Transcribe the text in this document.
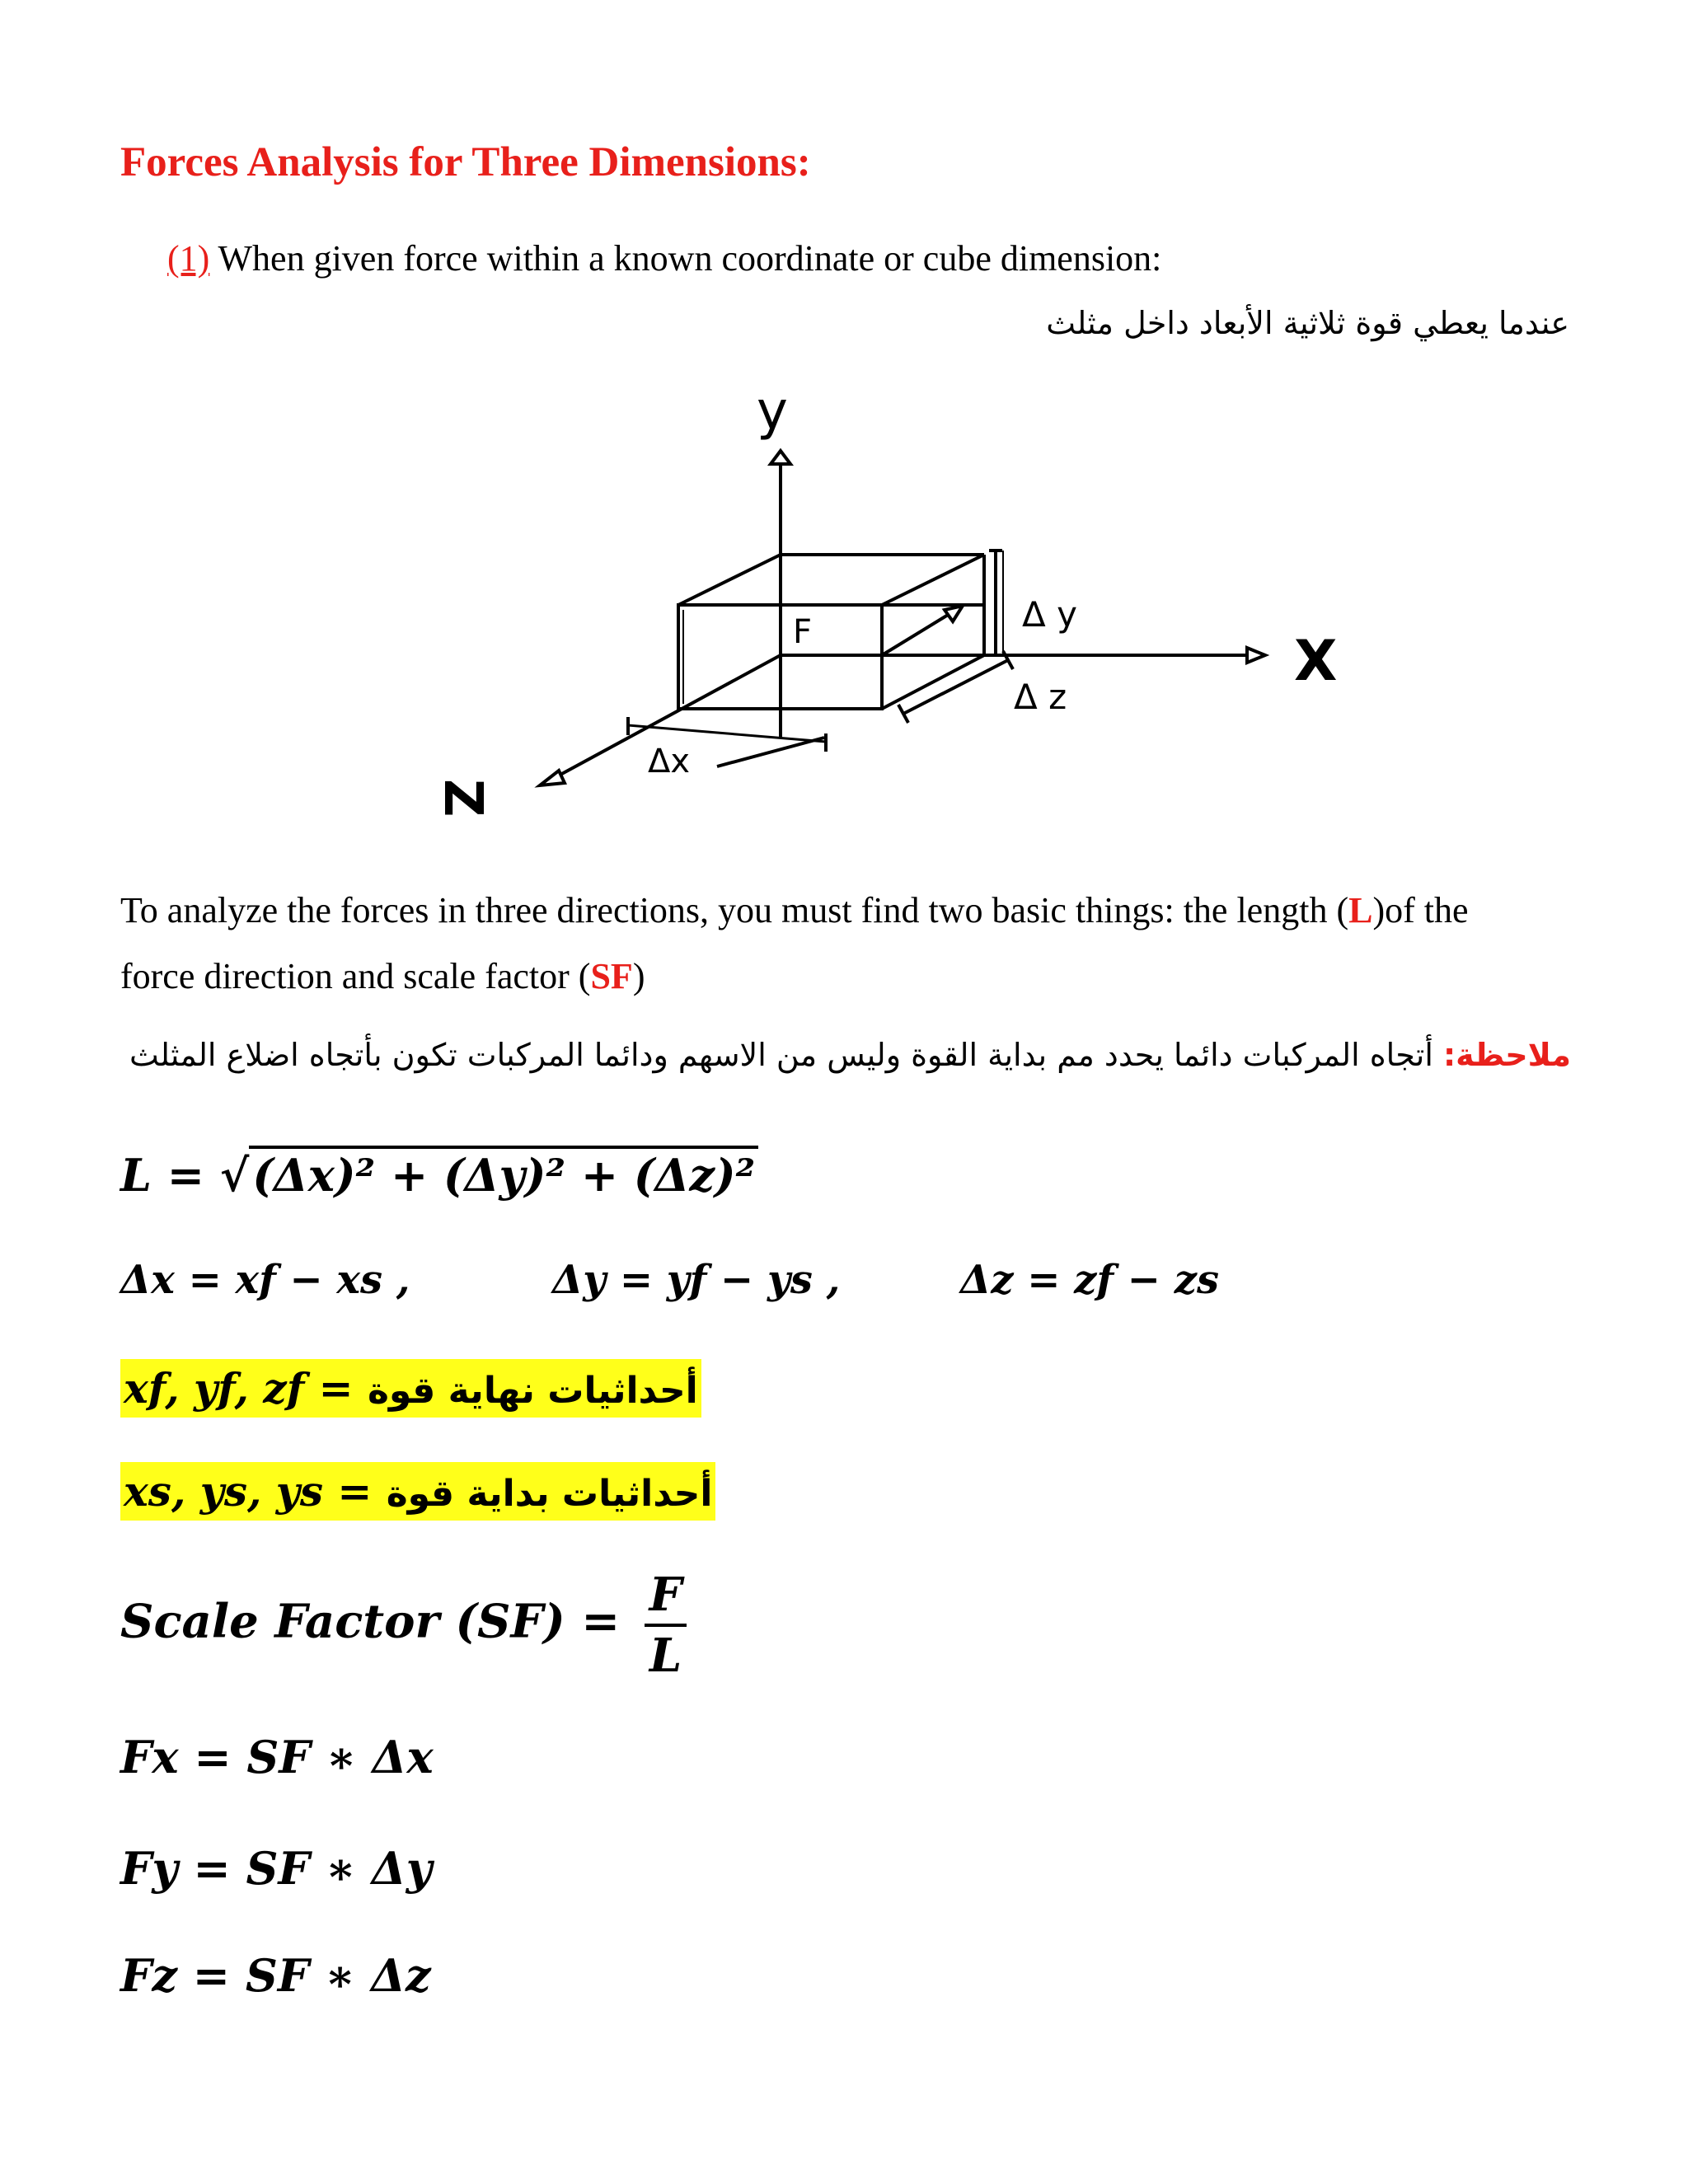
Forces Analysis for Three Dimensions:
(1) When given force within a known coordinate or cube dimension:
عندما يعطي قوة ثلاثية الأبعاد داخل مثلث
y
X
Z
F
Δx
Δ y
Δ z
To analyze the forces in three directions, you must find two basic things: the length (L)of the
force direction and scale factor (SF)
ملاحظة: أتجاه المركبات دائما يحدد مم بداية القوة وليس من الاسهم ودائما المركبات تكون بأتجاه اضلاع المثلث
L = √(Δx)² + (Δy)² + (Δz)²
Δx = xf − xs ,	Δy = yf − ys ,	Δz = zf − zs
xf, yf, zf = أحداثيات نهاية قوة
xs, ys, ys = أحداثيات بداية قوة
Scale Factor $(SF) = \frac{F}{L}$
Fx = SF ∗ Δx
Fy = SF ∗ Δy
Fz = SF ∗ Δz
